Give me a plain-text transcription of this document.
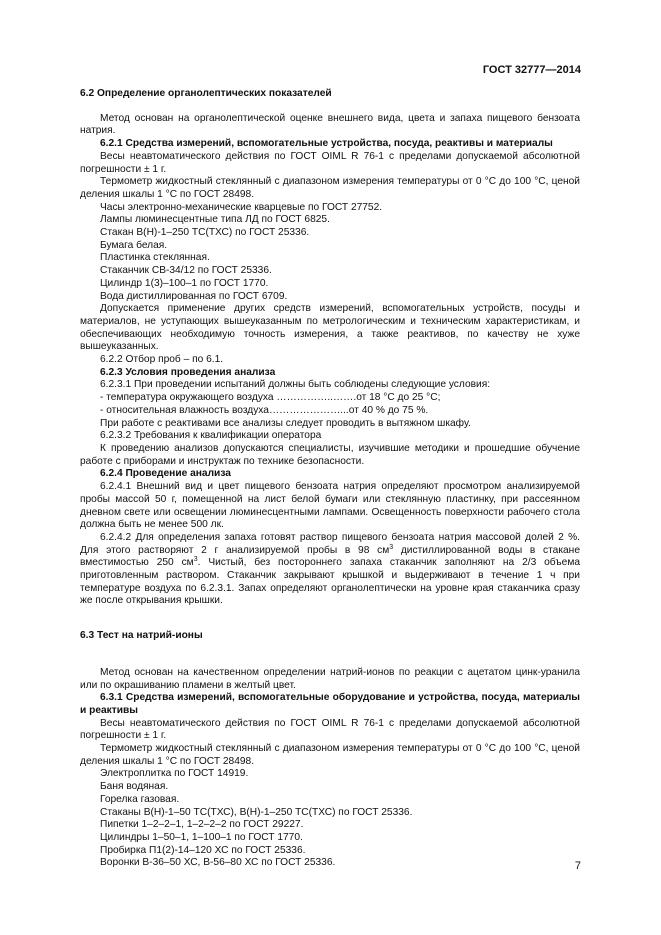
ГОСТ 32777—2014

6.2 Определение органолептических показателей

Метод основан на органолептической оценке внешнего вида, цвета и запаха пищевого бензоата натрия.

6.2.1 Средства измерений, вспомогательные устройства, посуда, реактивы и материалы

Весы неавтоматического действия по ГОСТ OIML R 76-1 с пределами допускаемой абсолютной погрешности ± 1 г.

Термометр жидкостный стеклянный с диапазоном измерения температуры от 0 °С до 100 °С, ценой деления шкалы 1 °С по ГОСТ 28498.

Часы электронно-механические кварцевые по ГОСТ 27752.

Лампы люминесцентные типа ЛД по ГОСТ 6825.

Стакан В(Н)-1–250 ТС(ТХС) по ГОСТ 25336.

Бумага белая.

Пластинка стеклянная.

Стаканчик СВ-34/12 по ГОСТ 25336.

Цилиндр 1(3)–100–1 по ГОСТ 1770.

Вода дистиллированная по ГОСТ 6709.

Допускается применение других средств измерений, вспомогательных устройств, посуды и материалов, не уступающих вышеуказанным по метрологическим и техническим характеристикам, и обеспечивающих необходимую точность измерения, а также реактивов, по качеству не хуже вышеуказанных.

6.2.2 Отбор проб – по 6.1.

6.2.3 Условия проведения анализа

6.2.3.1 При проведении испытаний должны быть соблюдены следующие условия:

- температура окружающего воздуха ……………..…….от 18 °С до 25 °С;

- относительная влажность воздуха…………………...от 40 % до 75 %.

При работе с реактивами все анализы следует проводить в вытяжном шкафу.

6.2.3.2 Требования к квалификации оператора

К проведению анализов допускаются специалисты, изучившие методики и прошедшие обучение работе с приборами и инструктаж по технике безопасности.

6.2.4 Проведение анализа

6.2.4.1 Внешний вид и цвет пищевого бензоата натрия определяют просмотром анализируемой пробы массой 50 г, помещенной на лист белой бумаги или стеклянную пластинку, при рассеянном дневном свете или освещении люминесцентными лампами. Освещенность поверхности рабочего стола должна быть не менее 500 лк.

6.2.4.2 Для определения запаха готовят раствор пищевого бензоата натрия массовой долей 2 %. Для этого растворяют 2 г анализируемой пробы в 98 $см^3$ дистиллированной воды в стакане вместимостью 250 $см^3$. Чистый, без постороннего запаха стаканчик заполняют на 2/3 объема приготовленным раствором. Стаканчик закрывают крышкой и выдерживают в течение 1 ч при температуре воздуха по 6.2.3.1. Запах определяют органолептически на уровне края стаканчика сразу же после открывания крышки.

6.3 Тест на натрий-ионы

Метод основан на качественном определении натрий-ионов по реакции с ацетатом цинк-уранила или по окрашиванию пламени в желтый цвет.

6.3.1 Средства измерений, вспомогательные оборудование и устройства, посуда, материалы и реактивы

Весы неавтоматического действия по ГОСТ OIML R 76-1 с пределами допускаемой абсолютной погрешности ± 1 г.

Термометр жидкостный стеклянный с диапазоном измерения температуры от 0 °С до 100 °С, ценой деления шкалы 1 °С по ГОСТ 28498.

Электроплитка по ГОСТ 14919.

Баня водяная.

Горелка газовая.

Стаканы В(Н)-1–50 ТС(ТХС), В(Н)-1–250 ТС(ТХС) по ГОСТ 25336.

Пипетки 1–2–2–1, 1–2–2–2 по ГОСТ 29227.

Цилиндры 1–50–1, 1–100–1 по ГОСТ 1770.

Пробирка П1(2)-14–120 ХС по ГОСТ 25336.

Воронки В-36–50 ХС, В-56–80 ХС по ГОСТ 25336.	7
